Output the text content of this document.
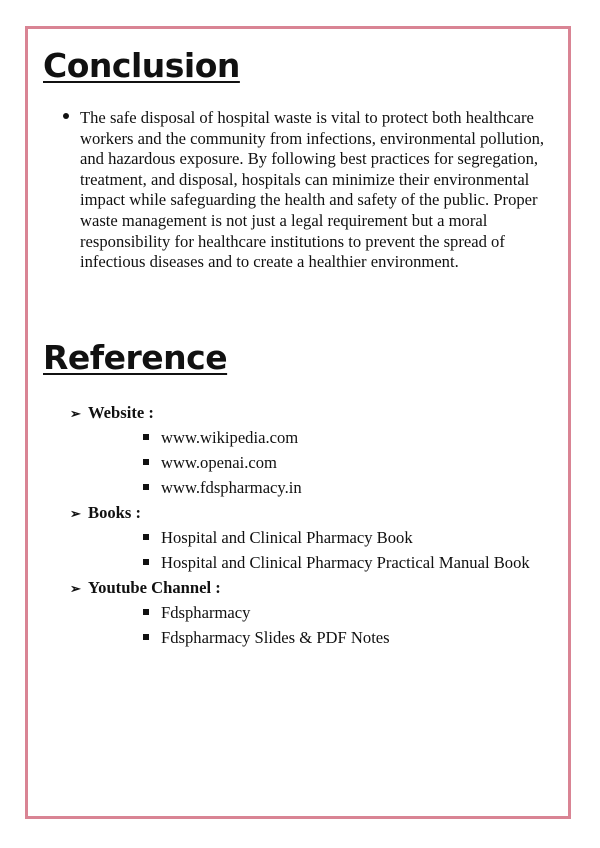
Conclusion

The safe disposal of hospital waste is vital to protect both healthcare workers and the community from infections, environmental pollution, and hazardous exposure. By following best practices for segregation, treatment, and disposal, hospitals can minimize their environmental impact while safeguarding the health and safety of the public. Proper waste management is not just a legal requirement but a moral responsibility for healthcare institutions to prevent the spread of infectious diseases and to create a healthier environment.

Reference
➢ Website :
www.wikipedia.com
www.openai.com
www.fdspharmacy.in
➢ Books :
Hospital and Clinical Pharmacy Book
Hospital and Clinical Pharmacy Practical Manual Book
➢ Youtube Channel :
Fdspharmacy
Fdspharmacy Slides & PDF Notes
